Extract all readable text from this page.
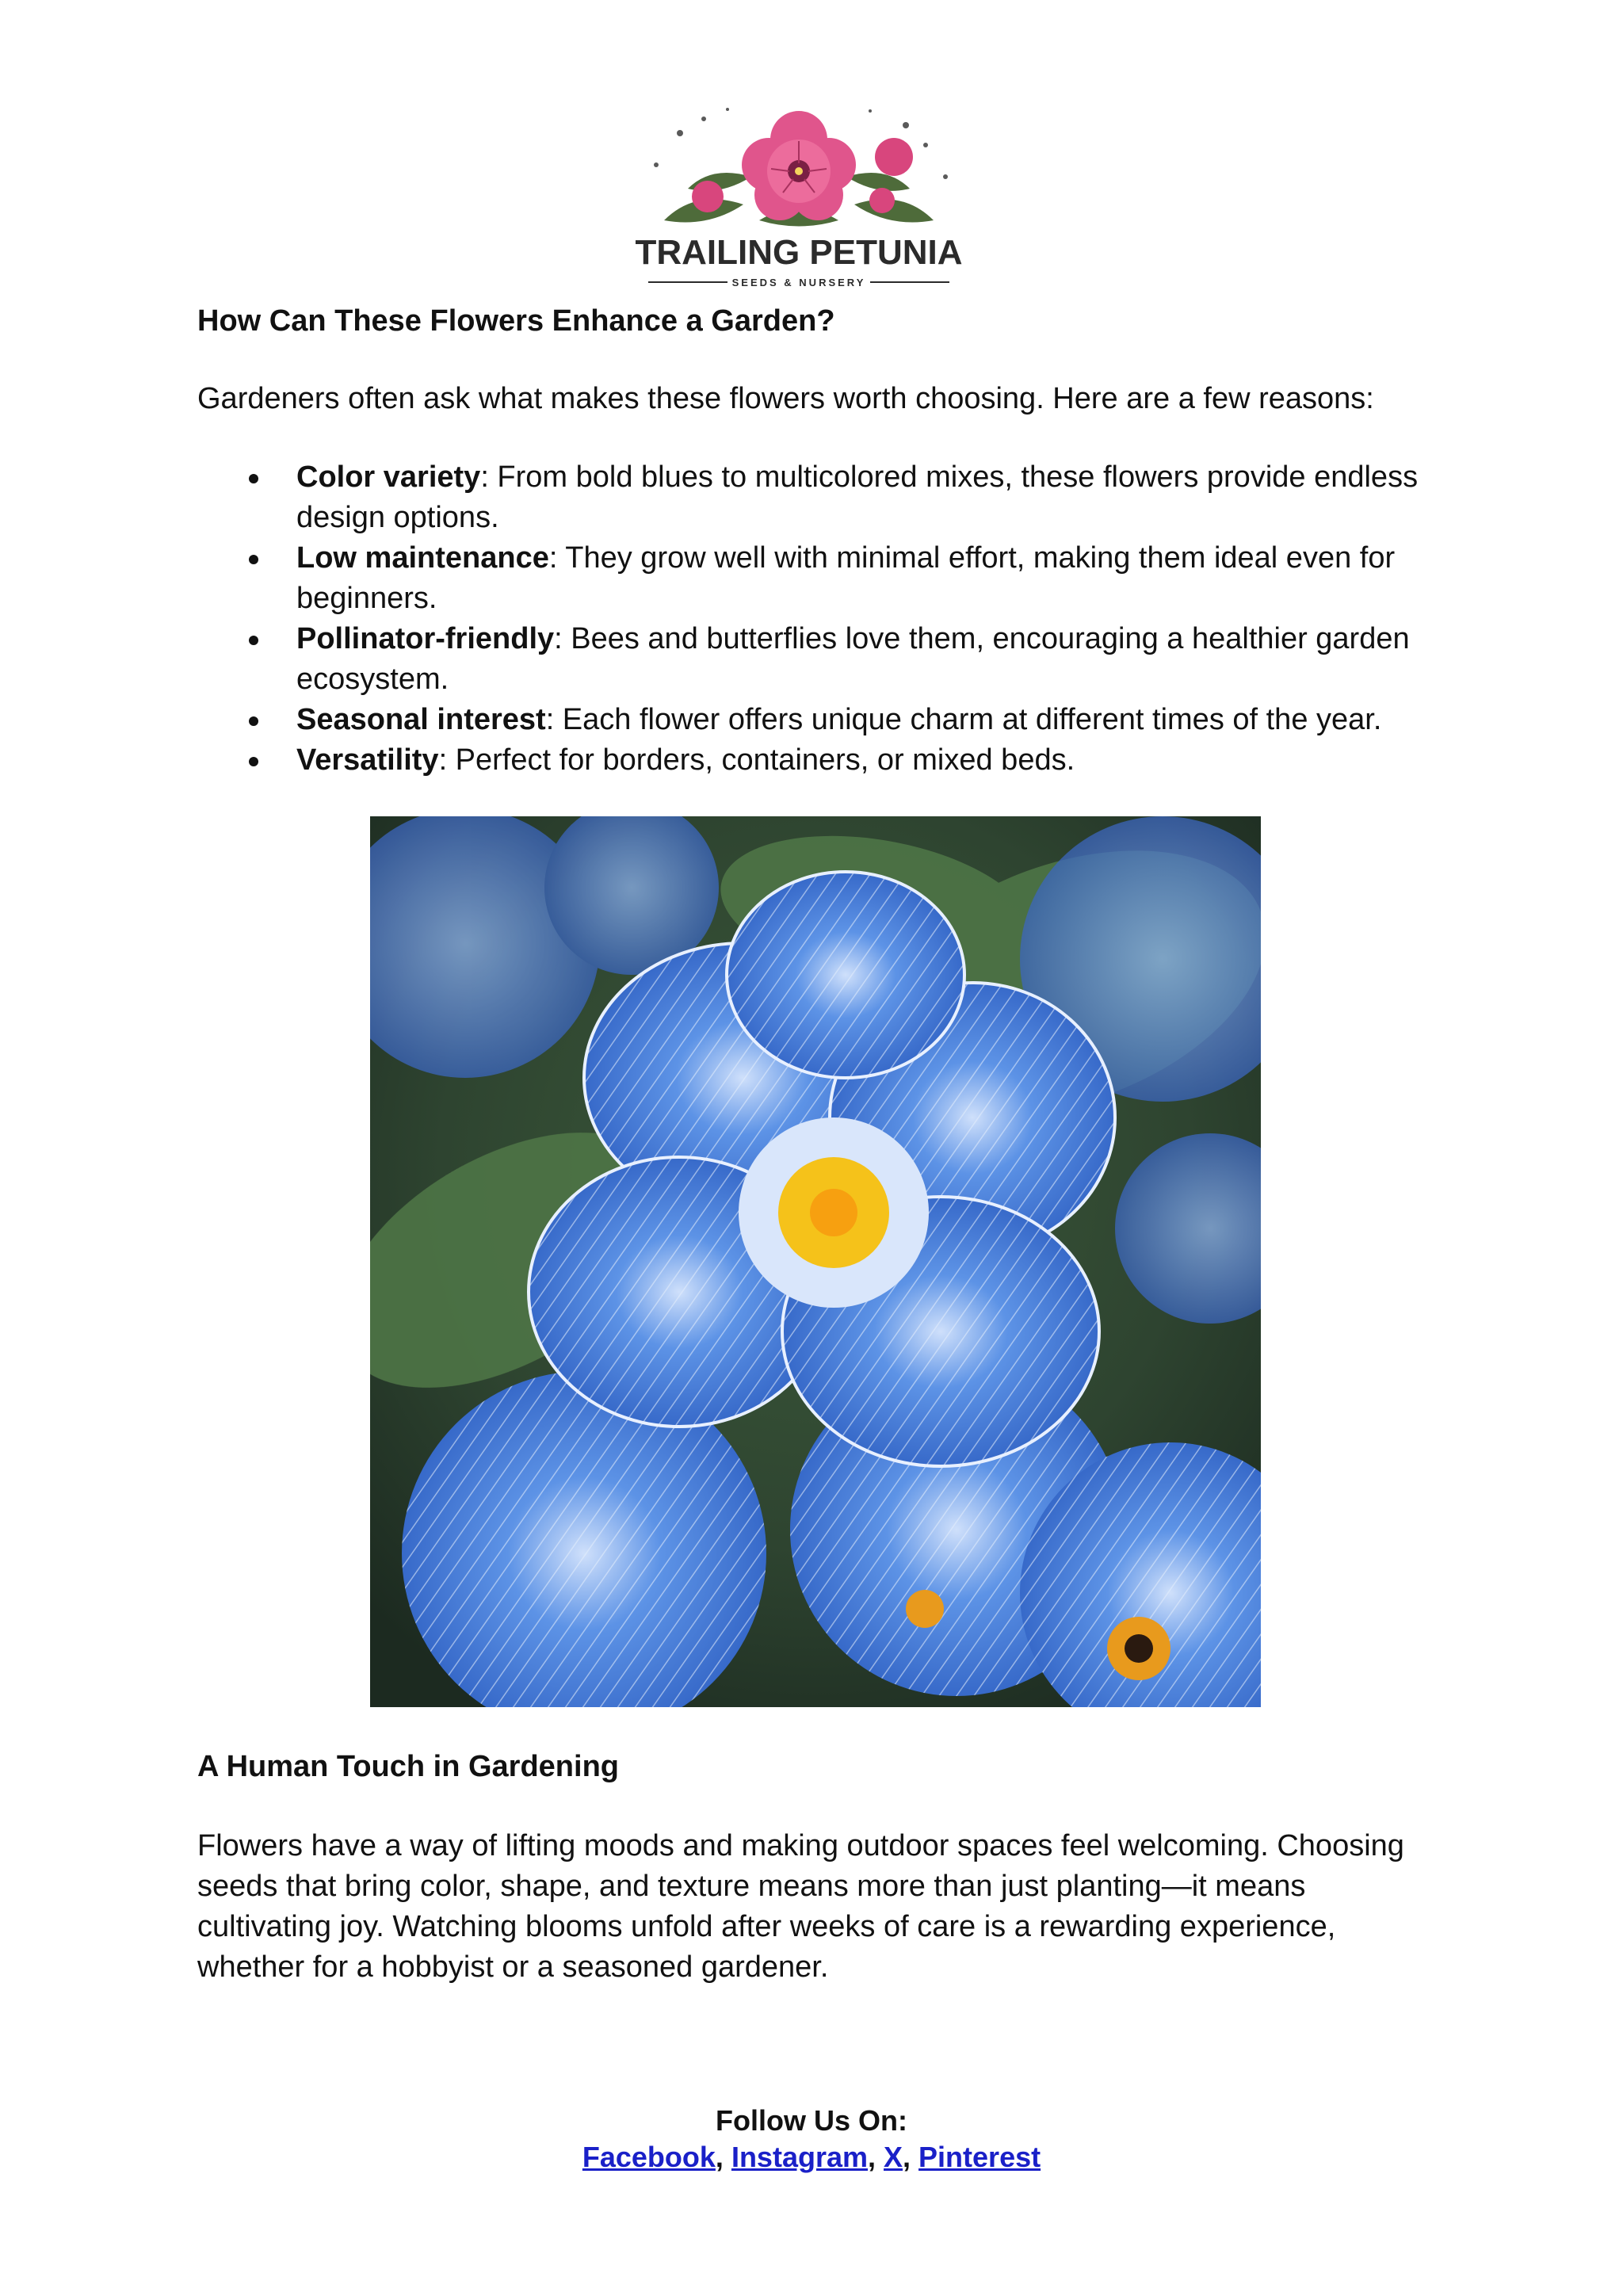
TRAILING PETUNIA
SEEDS & NURSERY
How Can These Flowers Enhance a Garden?

Gardeners often ask what makes these flowers worth choosing. Here are a few reasons:

Color variety: From bold blues to multicolored mixes, these flowers provide endless design options.
Low maintenance: They grow well with minimal effort, making them ideal even for beginners.
Pollinator-friendly: Bees and butterflies love them, encouraging a healthier garden ecosystem.
Seasonal interest: Each flower offers unique charm at different times of the year.
Versatility: Perfect for borders, containers, or mixed beds.
A Human Touch in Gardening

Flowers have a way of lifting moods and making outdoor spaces feel welcoming. Choosing seeds that bring color, shape, and texture means more than just planting—it means cultivating joy. Watching blooms unfold after weeks of care is a rewarding experience, whether for a hobbyist or a seasoned gardener.

Follow Us On:
Facebook, Instagram, X, Pinterest
